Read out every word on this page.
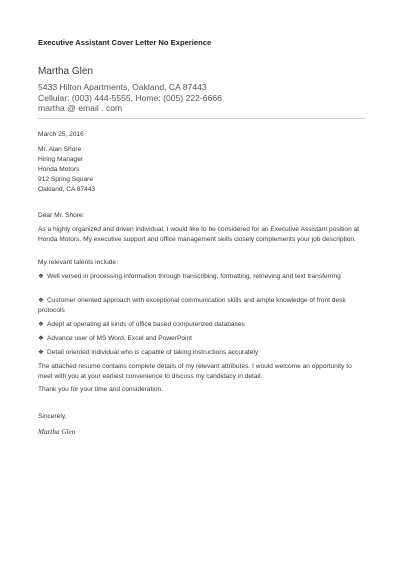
Executive Assistant Cover Letter No Experience
Martha Glen
5433 Hilton Apartments, Oakland, CA 87443
Cellular: (003) 444-5555, Home: (005) 222-6666
martha @ email . com
March 25, 2016
Mr. Alan Shore
Hiring Manager
Honda Motors
912 Spring Square
Oakland, CA 87443
Dear Mr. Shore:
As a highly organized and driven individual, I would like to be considered for an Executive Assistant position at Honda Motors. My executive support and office management skills closely complements your job description.
My relevant talents include:
❖ Well versed in processing information through transcribing, formatting, retrieving and text transferring
❖ Customer oriented approach with exceptional communication skills and ample knowledge of front desk protocols
❖ Adept at operating all kinds of office based computerized databases
❖ Advance user of MS Word, Excel and PowerPoint
❖ Detail oriented individual who is capable of taking instructions accurately
The attached resume contains complete details of my relevant attributes. I would welcome an opportunity to meet with you at your earliest convenience to discuss my candidacy in detail.
Thank you for your time and consideration.
Sincerely,
Martha Glen
